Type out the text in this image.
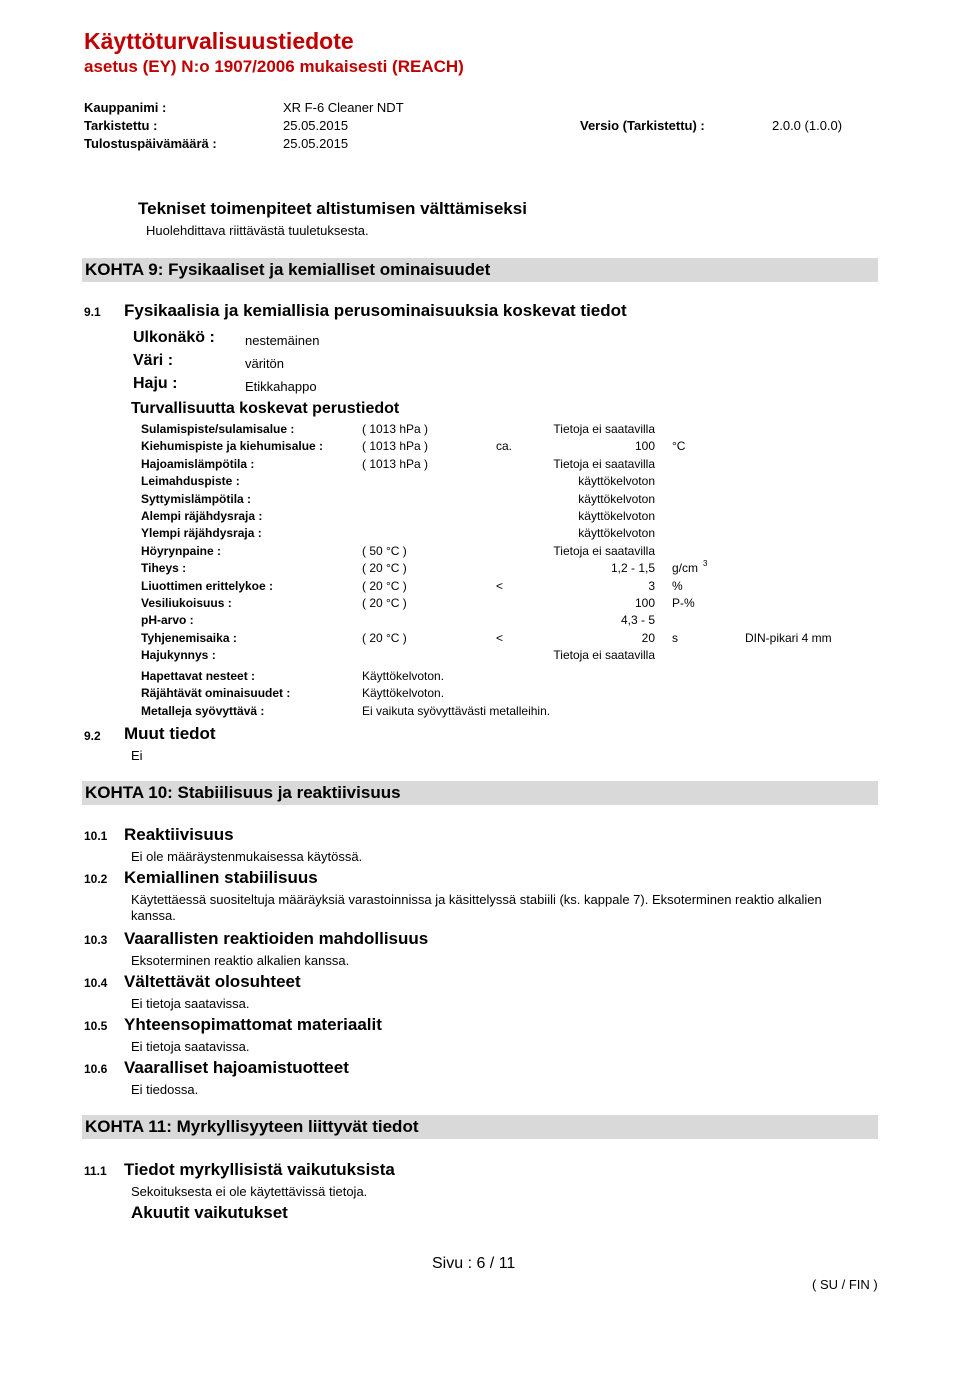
Käyttöturvalisuustiedote
asetus (EY) N:o 1907/2006 mukaisesti (REACH)
Kauppanimi :	XR F-6 Cleaner NDT
Tarkistettu :	25.05.2015	Versio (Tarkistettu) :	2.0.0 (1.0.0)
Tulostuspäivämäärä :	25.05.2015
Tekniset toimenpiteet altistumisen välttämiseksi
Huolehdittava riittävästä tuuletuksesta.
KOHTA 9: Fysikaaliset ja kemialliset ominaisuudet
9.1 Fysikaalisia ja kemiallisia perusominaisuuksia koskevat tiedot
Ulkonäkö : nestemäinen
Väri :	väritön
Haju :	Etikkahappo
Turvallisuutta koskevat perustiedot
Sulamispiste/sulamisalue :	( 1013 hPa )	Tietoja ei saatavilla
Kiehumispiste ja kiehumisalue :	( 1013 hPa )	ca.	100 °C
Hajoamislämpötila :	( 1013 hPa )	Tietoja ei saatavilla
Leimahduspiste :	käyttökelvoton
Syttymislämpötila :	käyttökelvoton
Alempi räjähdysraja :	käyttökelvoton
Ylempi räjähdysraja :	käyttökelvoton
Höyrynpaine :	( 50 °C )	Tietoja ei saatavilla
Tiheys :	( 20 °C )	1,2 - 1,5 g/cm $^3$
Liuottimen erittelykoe :	( 20 °C )	<	3 %
Vesiliukoisuus :	( 20 °C )	100 P-%
pH-arvo :	4,3 - 5
Tyhjenemisaika :	( 20 °C )	<	20 s	DIN-pikari 4 mm
Hajukynnys :	Tietoja ei saatavilla
Hapettavat nesteet :	Käyttökelvoton.
Räjähtävät ominaisuudet :	Käyttökelvoton.
Metalleja syövyttävä :	Ei vaikuta syövyttävästi metalleihin.
9.2 Muut tiedot
Ei
KOHTA 10: Stabiilisuus ja reaktiivisuus
10.1 Reaktiivisuus
Ei ole määräystenmukaisessa käytössä.
10.2 Kemiallinen stabiilisuus
Käytettäessä suositeltuja määräyksiä varastoinnissa ja käsittelyssä stabiili (ks. kappale 7). Eksoterminen reaktio alkalien
kanssa.
10.3 Vaarallisten reaktioiden mahdollisuus
Eksoterminen reaktio alkalien kanssa.
10.4 Vältettävät olosuhteet
Ei tietoja saatavissa.
10.5 Yhteensopimattomat materiaalit
Ei tietoja saatavissa.
10.6 Vaaralliset hajoamistuotteet
Ei tiedossa.
KOHTA 11: Myrkyllisyyteen liittyvät tiedot
11.1 Tiedot myrkyllisistä vaikutuksista
Sekoituksesta ei ole käytettävissä tietoja.
Akuutit vaikutukset
Sivu : 6 / 11
( SU / FIN )
